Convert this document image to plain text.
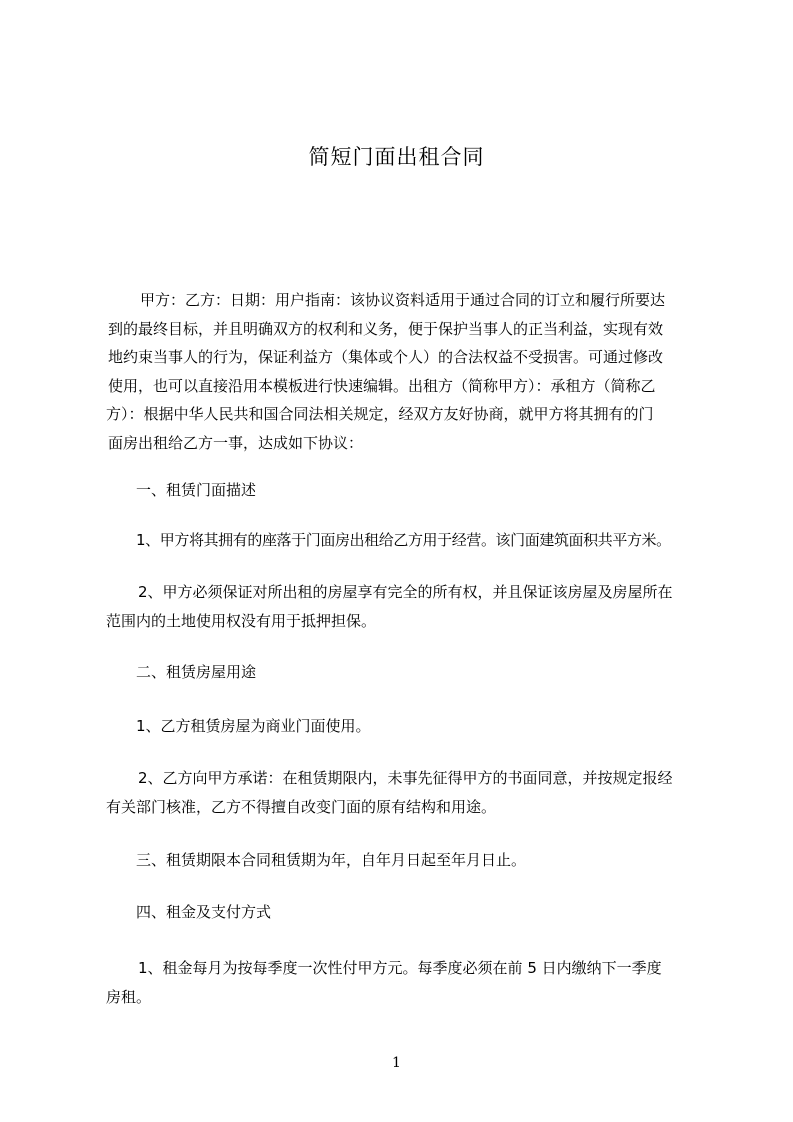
简短门面出租合同
甲方：乙方：日期：用户指南：该协议资料适用于通过合同的订立和履行所要达
到的最终目标，并且明确双方的权利和义务，便于保护当事人的正当利益，实现有效
地约束当事人的行为，保证利益方（集体或个人）的合法权益不受损害。可通过修改
使用，也可以直接沿用本模板进行快速编辑。出租方（简称甲方）：承租方（简称乙
方）：根据中华人民共和国合同法相关规定，经双方友好协商，就甲方将其拥有的门
面房出租给乙方一事，达成如下协议：
一、租赁门面描述
1、甲方将其拥有的座落于门面房出租给乙方用于经营。该门面建筑面积共平方米。
2、甲方必须保证对所出租的房屋享有完全的所有权，并且保证该房屋及房屋所在
范围内的土地使用权没有用于抵押担保。
二、租赁房屋用途
1、乙方租赁房屋为商业门面使用。
2、乙方向甲方承诺：在租赁期限内，未事先征得甲方的书面同意，并按规定报经
有关部门核准，乙方不得擅自改变门面的原有结构和用途。
三、租赁期限本合同租赁期为年，自年月日起至年月日止。
四、租金及支付方式
1、租金每月为按每季度一次性付甲方元。每季度必须在前 5 日内缴纳下一季度
房租。
1
